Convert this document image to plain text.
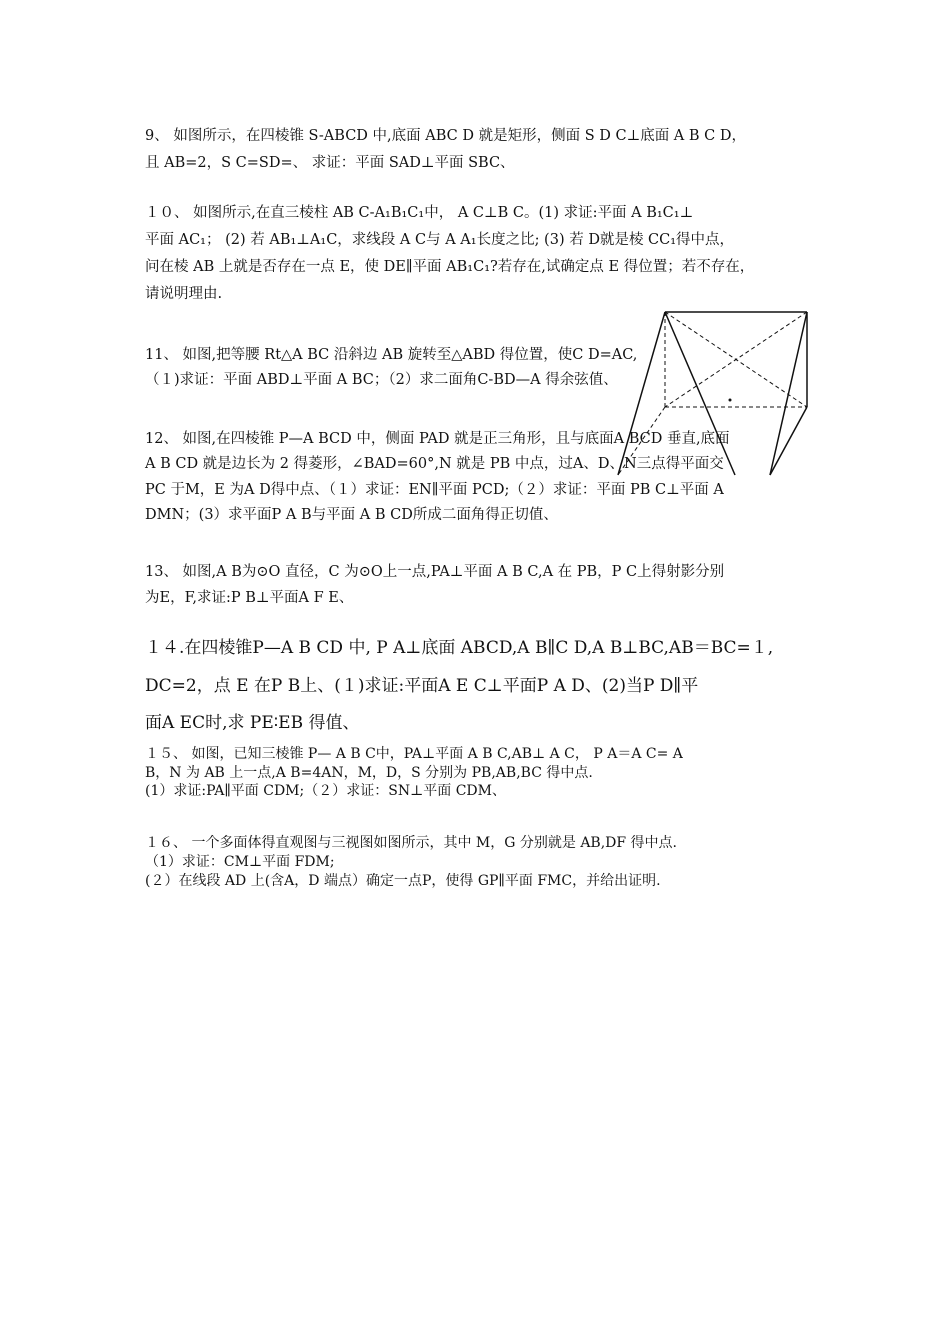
9、 如图所示，在四棱锥 S-ABCD 中,底面 ABC D 就是矩形，侧面 S D C⊥底面 A B C D，
且 AB=2，S C=SD=、 求证：平面 SAD⊥平面 SBC、
１０、 如图所示,在直三棱柱 AB C-A₁B₁C₁中， A C⊥B C。(1) 求证:平面 A B₁C₁⊥
平面 AC₁； (2) 若 AB₁⊥A₁C，求线段 A C与 A A₁长度之比; (3) 若 D就是棱 CC₁得中点，
问在棱 AB 上就是否存在一点 E，使 DE∥平面 AB₁C₁?若存在,试确定点 E 得位置；若不存在，
请说明理由.
11、 如图,把等腰 Rt△A BC 沿斜边 AB 旋转至△ABD 得位置，使C D=AC,
（１)求证：平面 ABD⊥平面 A BC；（2）求二面角C-BD—A 得余弦值、
12、 如图,在四棱锥 P—A BCD 中，侧面 PAD 就是正三角形，且与底面A BCD 垂直,底面
A B CD 就是边长为 2 得菱形，∠BAD=60°,N 就是 PB 中点，过A、D、N三点得平面交
PC 于M，E 为A D得中点、（１）求证：EN∥平面 PCD;（２）求证：平面 PB C⊥平面 A
DMN；(3）求平面P A B与平面 A B CD所成二面角得正切值、
13、 如图,A B为⊙O 直径，C 为⊙O上一点,PA⊥平面 A B C,A 在 PB，P C上得射影分别
为E，F,求证:P B⊥平面A F E、
１４.在四棱锥P—A B CD 中, P A⊥底面 ABCD,A B∥C D,A B⊥BC,AB＝BC=１,
DC=2，点 E 在P B上、(１)求证:平面A E C⊥平面P A D、(2)当P D∥平
面A EC时,求 PE∶EB 得值、
１５、 如图，已知三棱锥 P— A B C中，PA⊥平面 A B C,AB⊥ A C， P A＝A C= A
B，N 为 AB 上一点,A B=4AN，M，D，S 分别为 PB,AB,BC 得中点.
(1）求证:PA∥平面 CDM;（２）求证：SN⊥平面 CDM、
１６、 一个多面体得直观图与三视图如图所示，其中 M，G 分别就是 AB,DF 得中点.
（1）求证：CM⊥平面 FDM;
(２）在线段 AD 上(含A，D 端点）确定一点P，使得 GP∥平面 FMC，并给出证明.
